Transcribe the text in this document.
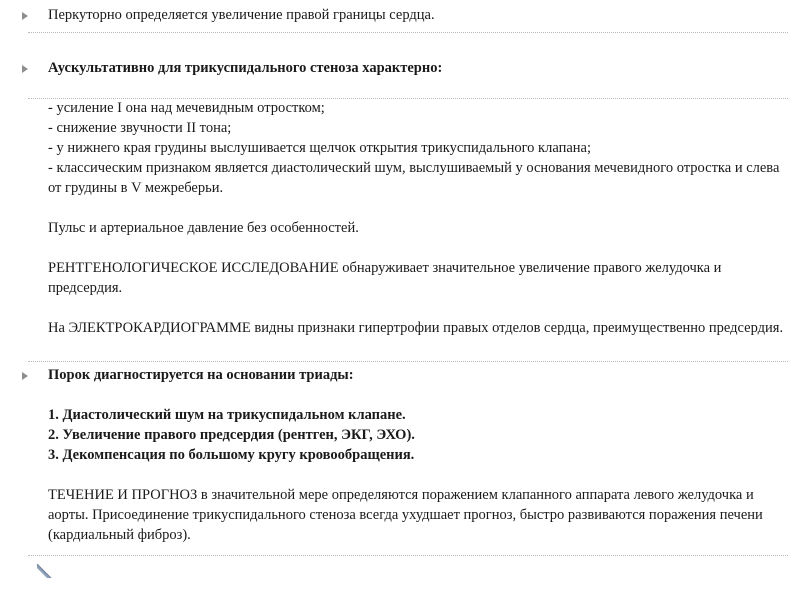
Перкуторно определяется увеличение правой границы сердца.

Аускультативно для трикуспидального стеноза характерно:

- усиление I она над мечевидным отростком;

- снижение звучности II тона;

- у нижнего края грудины выслушивается щелчок открытия трикуспидального клапана;

- классическим признаком является диастолический шум, выслушиваемый у основания мечевидного отростка и слева от грудины в V межреберьи.

Пульс и артериальное давление без особенностей.

РЕНТГЕНОЛОГИЧЕСКОЕ ИССЛЕДОВАНИЕ обнаруживает значительное увеличение правого желудочка и предсердия.

На ЭЛЕКТРОКАРДИОГРАММЕ видны признаки гипертрофии правых отделов сердца, преимущественно предсердия.

Порок диагностируется на основании триады:

1. Диастолический шум на трикуспидальном клапане.

2. Увеличение правого предсердия (рентген, ЭКГ, ЭХО).

3. Декомпенсация по большому кругу кровообращения.

ТЕЧЕНИЕ И ПРОГНОЗ в значительной мере определяются поражением клапанного аппарата левого желудочка и аорты. Присоединение трикуспидального стеноза всегда ухудшает прогноз, быстро развиваются поражения печени (кардиальный фиброз).
